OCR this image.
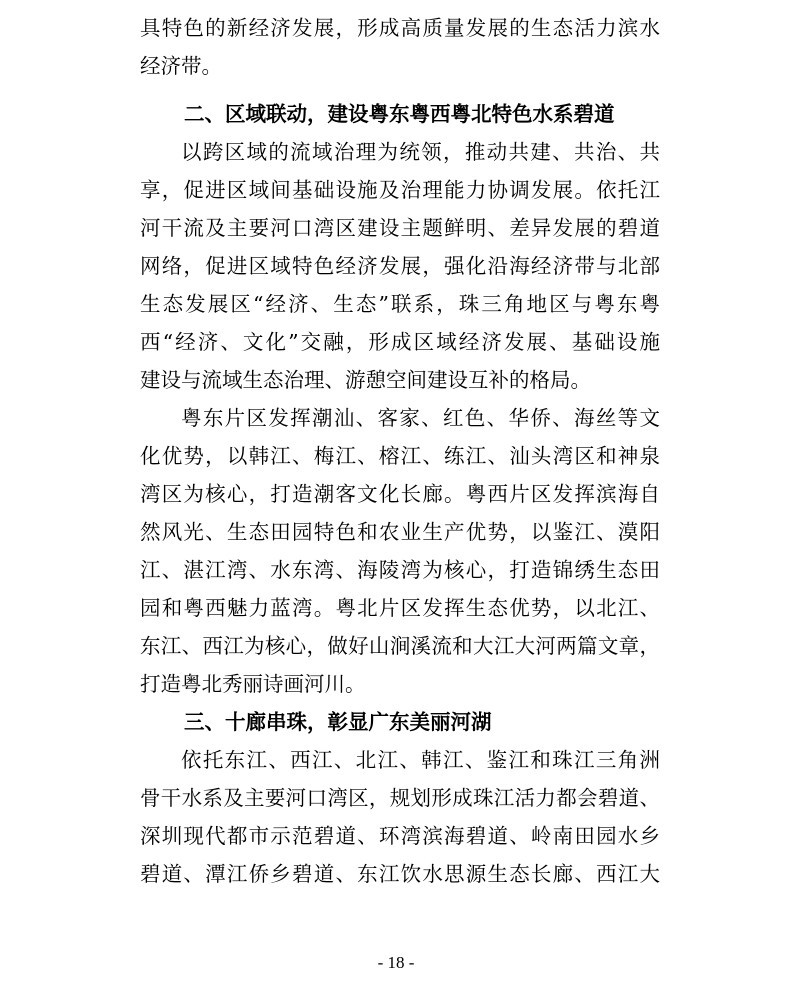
具特色的新经济发展，形成高质量发展的生态活力滨水
经济带。
二、区域联动，建设粤东粤西粤北特色水系碧道
以跨区域的流域治理为统领，推动共建、共治、共
享，促进区域间基础设施及治理能力协调发展。依托江
河干流及主要河口湾区建设主题鲜明、差异发展的碧道
网络，促进区域特色经济发展，强化沿海经济带与北部
生态发展区“经济、生态”联系，珠三角地区与粤东粤
西“经济、文化”交融，形成区域经济发展、基础设施
建设与流域生态治理、游憩空间建设互补的格局。
粤东片区发挥潮汕、客家、红色、华侨、海丝等文
化优势，以韩江、梅江、榕江、练江、汕头湾区和神泉
湾区为核心，打造潮客文化长廊。粤西片区发挥滨海自
然风光、生态田园特色和农业生产优势，以鉴江、漠阳
江、湛江湾、水东湾、海陵湾为核心，打造锦绣生态田
园和粤西魅力蓝湾。粤北片区发挥生态优势，以北江、
东江、西江为核心，做好山涧溪流和大江大河两篇文章，
打造粤北秀丽诗画河川。
三、十廊串珠，彰显广东美丽河湖
依托东江、西江、北江、韩江、鉴江和珠江三角洲
骨干水系及主要河口湾区，规划形成珠江活力都会碧道、
深圳现代都市示范碧道、环湾滨海碧道、岭南田园水乡
碧道、潭江侨乡碧道、东江饮水思源生态长廊、西江大
- 18 -
